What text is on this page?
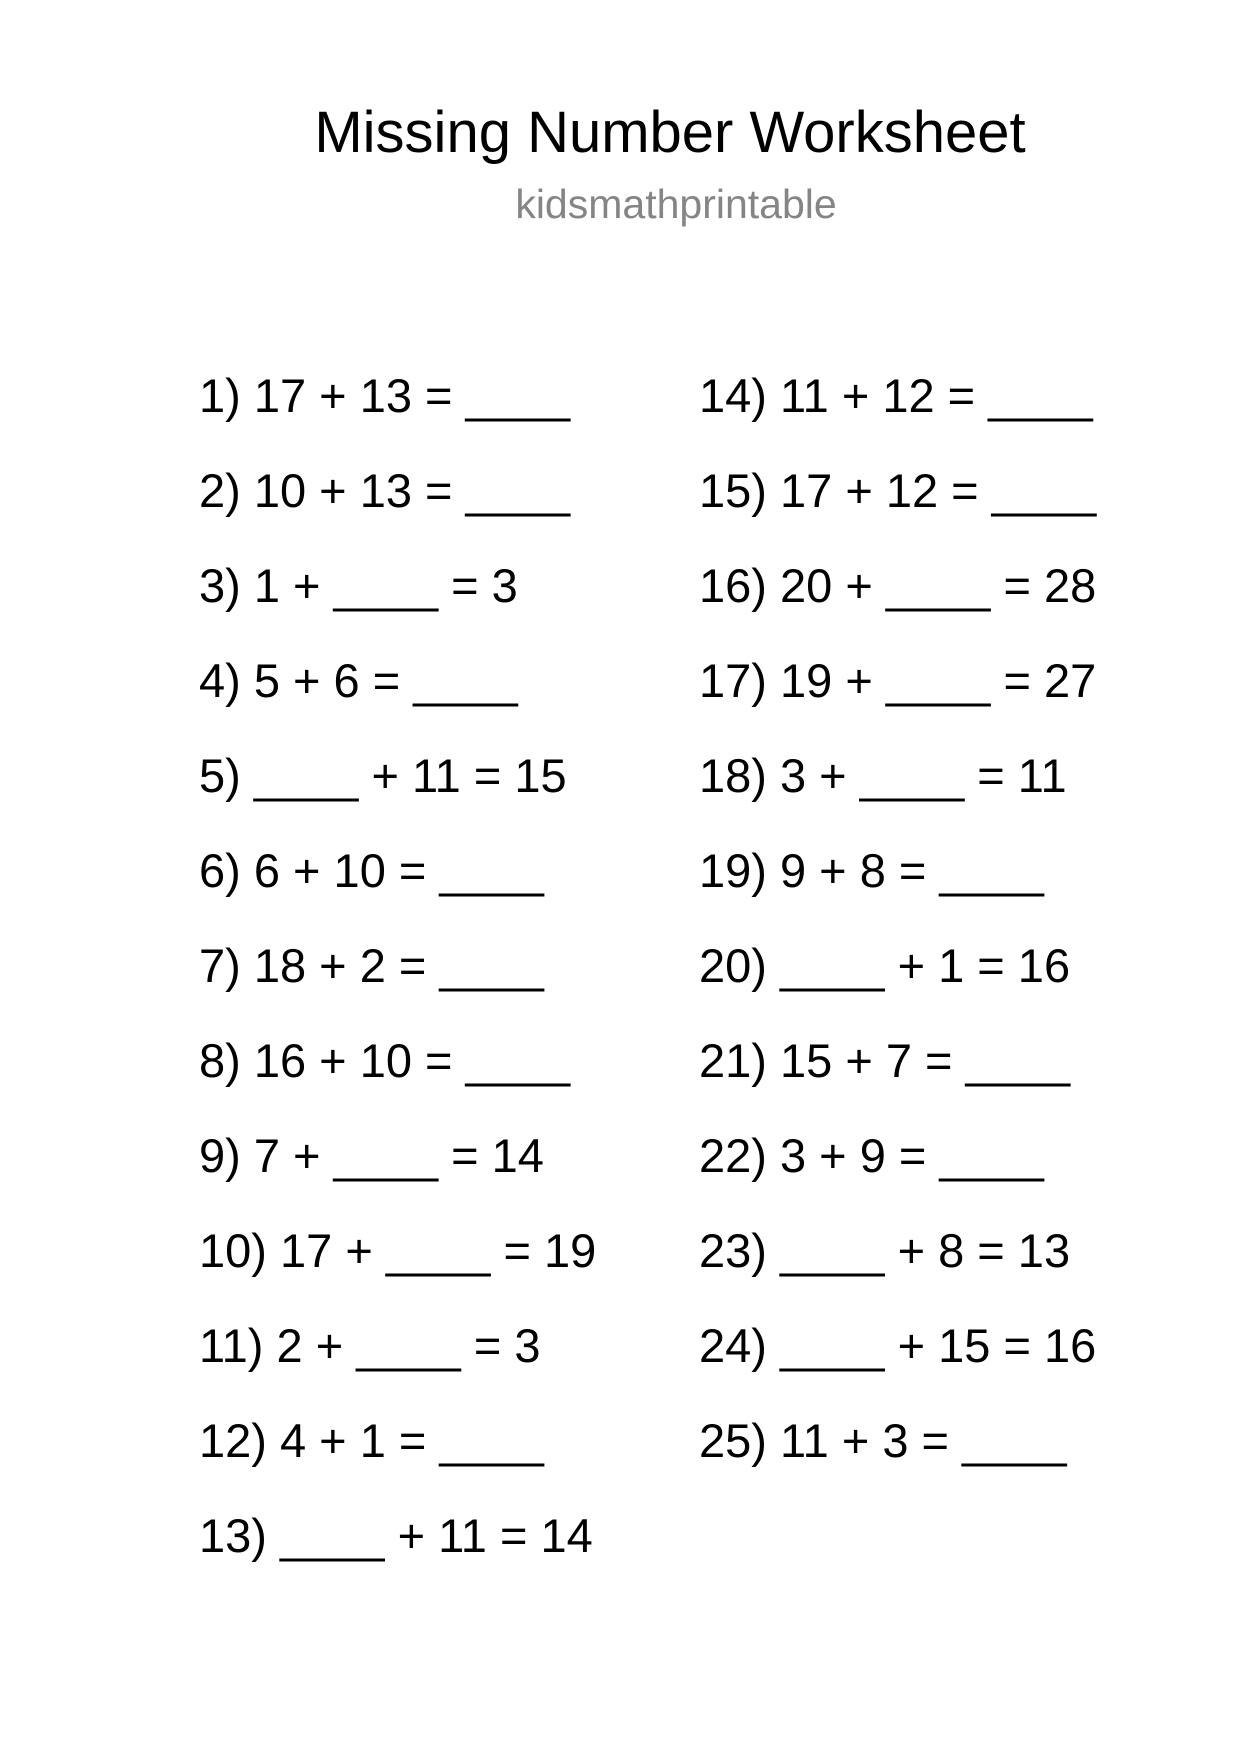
Missing Number Worksheet
kidsmathprintable
1) 17 + 13 = ____
2) 10 + 13 = ____
3) 1 + ____ = 3
4) 5 + 6 = ____
5) ____ + 11 = 15
6) 6 + 10 = ____
7) 18 + 2 = ____
8) 16 + 10 = ____
9) 7 + ____ = 14
10) 17 + ____ = 19
11) 2 + ____ = 3
12) 4 + 1 = ____
13) ____ + 11 = 14
14) 11 + 12 = ____
15) 17 + 12 = ____
16) 20 + ____ = 28
17) 19 + ____ = 27
18) 3 + ____ = 11
19) 9 + 8 = ____
20) ____ + 1 = 16
21) 15 + 7 = ____
22) 3 + 9 = ____
23) ____ + 8 = 13
24) ____ + 15 = 16
25) 11 + 3 = ____
